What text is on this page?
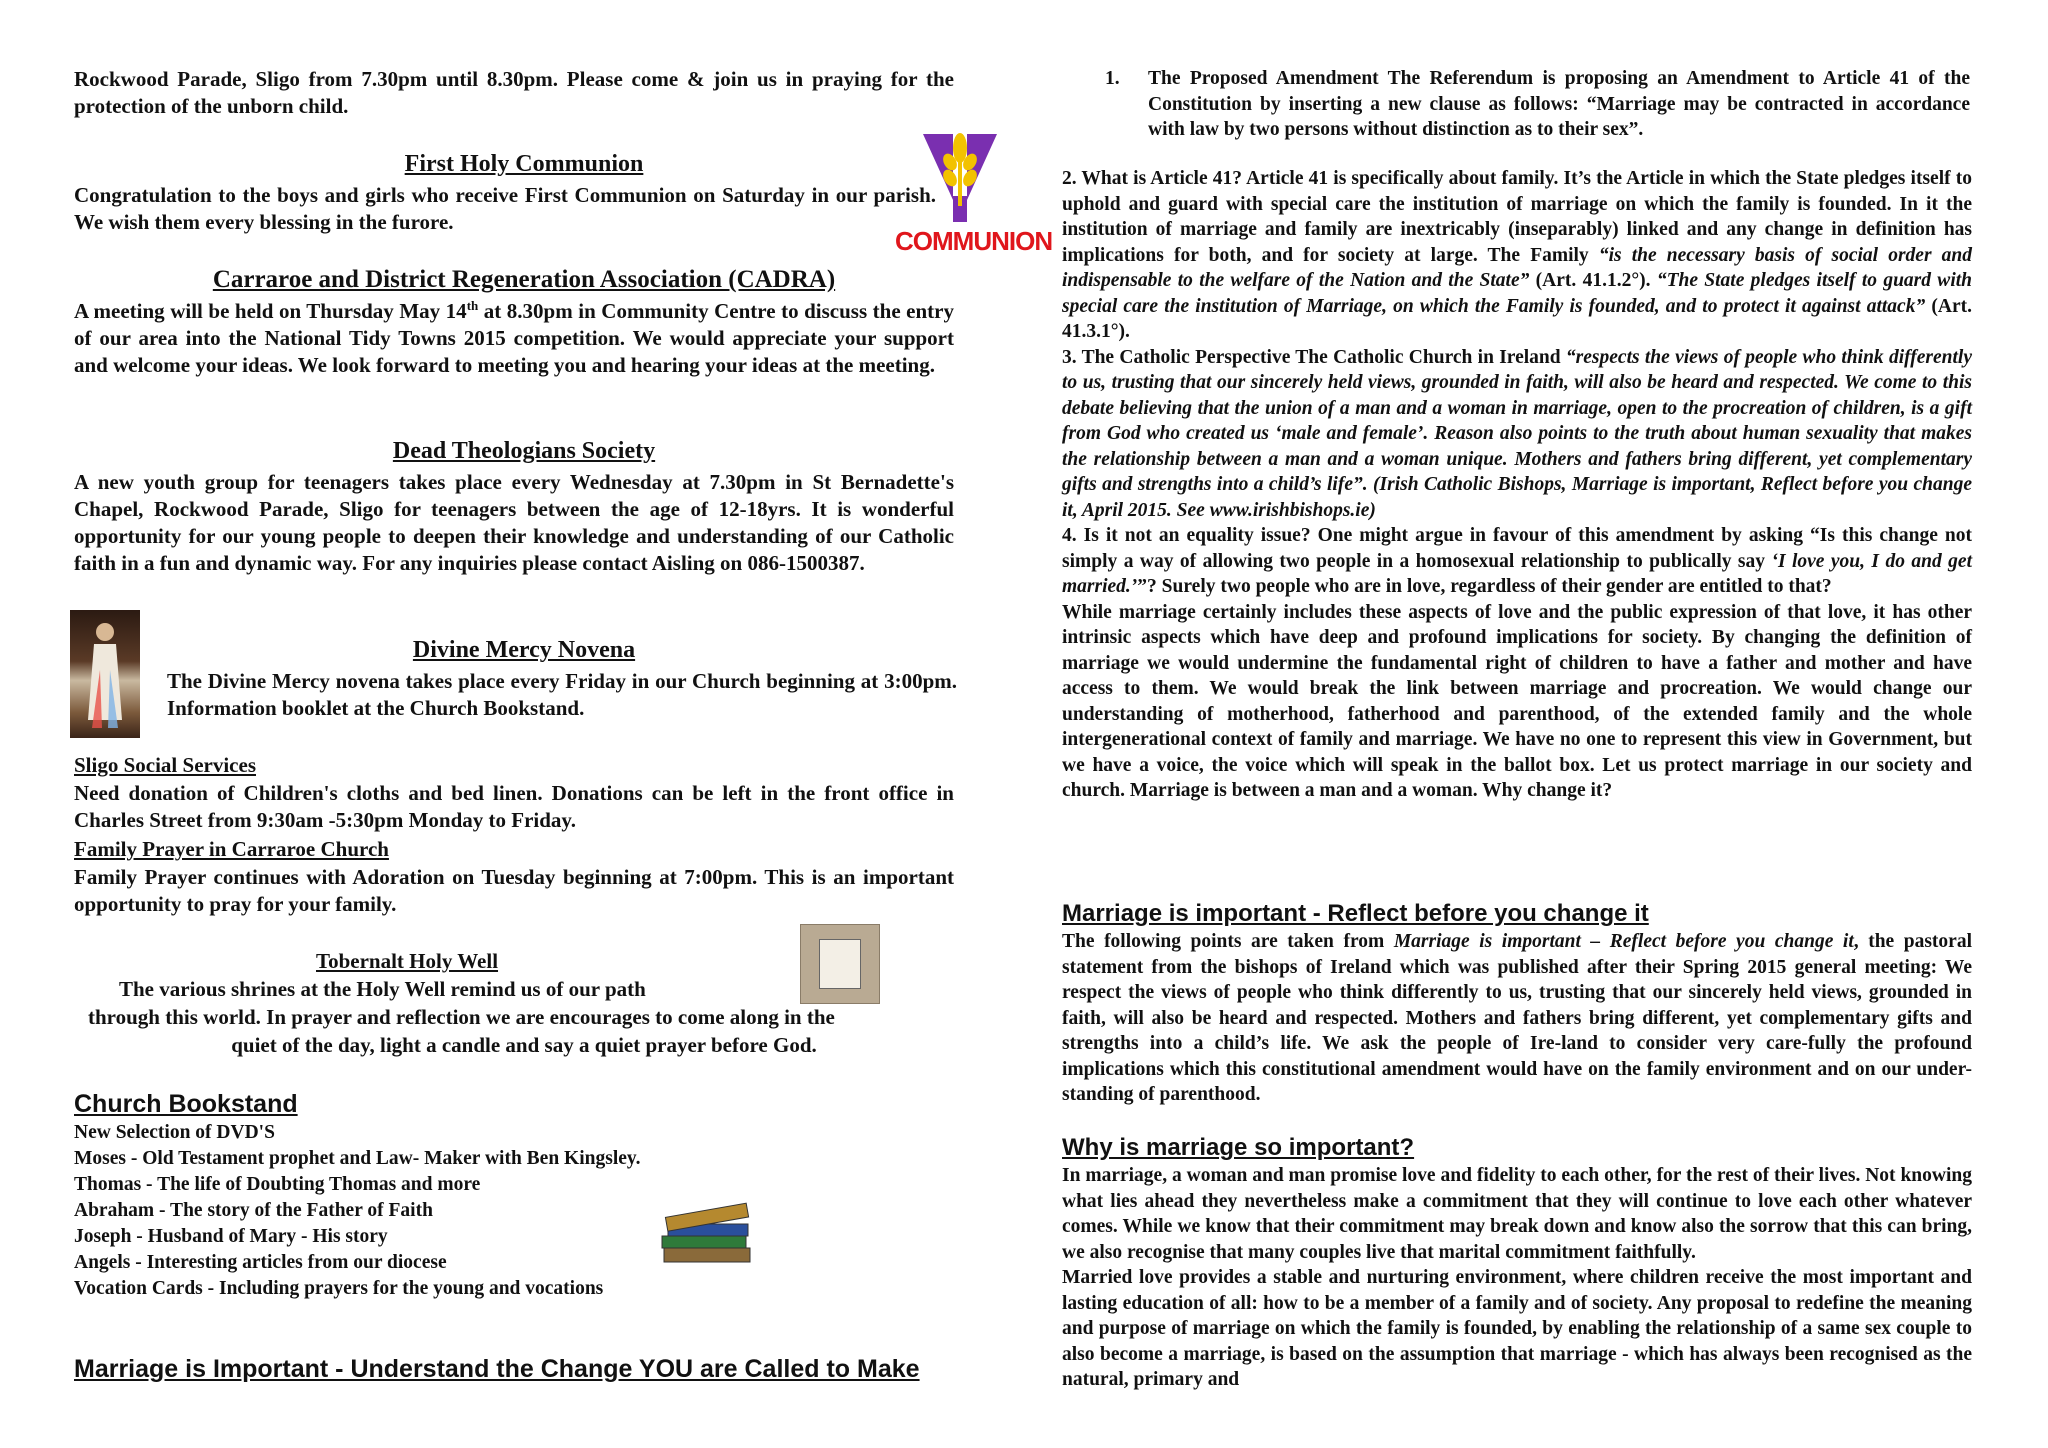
Rockwood Parade, Sligo from 7.30pm until 8.30pm. Please come & join us in praying for the protection of the unborn child.
First Holy Communion
Congratulation to the boys and girls who receive First Communion on Saturday in our parish. We wish them every blessing in the furore.
COMMUNION
Carraroe and District Regeneration Association (CADRA)
A meeting will be held on Thursday May 14th at 8.30pm in Community Centre to discuss the entry of our area into the National Tidy Towns 2015 competition. We would appreciate your support and welcome your ideas. We look forward to meeting you and hearing your ideas at the meeting.
Dead Theologians Society
A new youth group for teenagers takes place every Wednesday at 7.30pm in St Bernadette's Chapel, Rockwood Parade, Sligo for teenagers between the age of 12-18yrs. It is wonderful opportunity for our young people to deepen their knowledge and understanding of our Catholic faith in a fun and dynamic way. For any inquiries please contact Aisling on 086-1500387.
Divine Mercy Novena
The Divine Mercy novena takes place every Friday in our Church beginning at 3:00pm. Information booklet at the Church Bookstand.
Sligo Social Services
Need donation of Children's cloths and bed linen. Donations can be left in the front office in Charles Street from 9:30am -5:30pm Monday to Friday.
Family Prayer in Carraroe Church
Family Prayer continues with Adoration on Tuesday beginning at 7:00pm. This is an important opportunity to pray for your family.
Tobernalt Holy Well
The various shrines at the Holy Well remind us of our path
through this world. In prayer and reflection we are encourages to come along in the
quiet of the day, light a candle and say a quiet prayer before God.
Church Bookstand
New Selection of DVD'S
Moses - Old Testament prophet and Law- Maker with Ben Kingsley.
Thomas - The life of Doubting Thomas and more
Abraham - The story of the Father of Faith
Joseph - Husband of Mary - His story
Angels - Interesting articles from our diocese
Vocation Cards - Including prayers for the young and vocations
Marriage is Important - Understand the Change YOU are Called to Make
1. The Proposed Amendment The Referendum is proposing an Amendment to Article 41 of the Constitution by inserting a new clause as follows: “Marriage may be contracted in accordance with law by two persons without distinction as to their sex”.
2. What is Article 41? Article 41 is specifically about family. It’s the Article in which the State pledges itself to uphold and guard with special care the institution of marriage on which the family is founded. In it the institution of marriage and family are inextricably (inseparably) linked and any change in definition has implications for both, and for society at large. The Family “is the necessary basis of social order and indispensable to the welfare of the Nation and the State” (Art. 41.1.2°). “The State pledges itself to guard with special care the institution of Marriage, on which the Family is founded, and to protect it against attack” (Art. 41.3.1°).
3. The Catholic Perspective The Catholic Church in Ireland “respects the views of people who think differently to us, trusting that our sincerely held views, grounded in faith, will also be heard and respected. We come to this debate believing that the union of a man and a woman in marriage, open to the procreation of children, is a gift from God who created us ‘male and female’. Reason also points to the truth about human sexuality that makes the relationship between a man and a woman unique. Mothers and fathers bring different, yet complementary gifts and strengths into a child’s life”. (Irish Catholic Bishops, Marriage is important, Reflect before you change it, April 2015. See www.irishbishops.ie)
4. Is it not an equality issue? One might argue in favour of this amendment by asking “Is this change not simply a way of allowing two people in a homosexual relationship to publically say ‘I love you, I do and get married.’”? Surely two people who are in love, regardless of their gender are entitled to that?
While marriage certainly includes these aspects of love and the public expression of that love, it has other intrinsic aspects which have deep and profound implications for society. By changing the definition of marriage we would undermine the fundamental right of children to have a father and mother and have access to them. We would break the link between marriage and procreation. We would change our understanding of motherhood, fatherhood and parenthood, of the extended family and the whole intergenerational context of family and marriage. We have no one to represent this view in Government, but we have a voice, the voice which will speak in the ballot box. Let us protect marriage in our society and church. Marriage is between a man and a woman. Why change it?
Marriage is important - Reflect before you change it
The following points are taken from Marriage is important – Reflect before you change it, the pastoral statement from the bishops of Ireland which was published after their Spring 2015 general meeting: We respect the views of people who think differently to us, trusting that our sincerely held views, grounded in faith, will also be heard and respected. Mothers and fathers bring different, yet complementary gifts and strengths into a child’s life. We ask the people of Ire-land to consider very care-fully the profound implications which this constitutional amendment would have on the family environment and on our under-standing of parenthood.
Why is marriage so important?
In marriage, a woman and man promise love and fidelity to each other, for the rest of their lives. Not knowing what lies ahead they nevertheless make a commitment that they will continue to love each other whatever comes. While we know that their commitment may break down and know also the sorrow that this can bring, we also recognise that many couples live that marital commitment faithfully.
Married love provides a stable and nurturing environment, where children receive the most important and lasting education of all: how to be a member of a family and of society. Any proposal to redefine the meaning and purpose of marriage on which the family is founded, by enabling the relationship of a same sex couple to also become a marriage, is based on the assumption that marriage - which has always been recognised as the natural, primary and
